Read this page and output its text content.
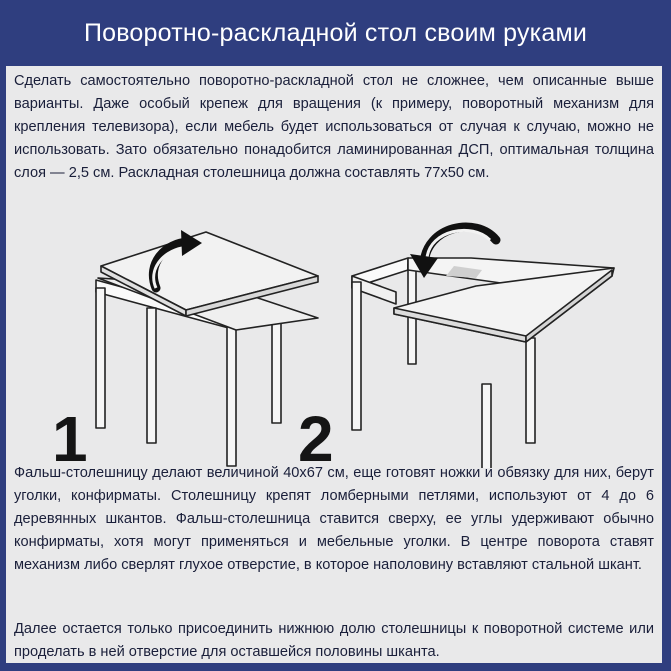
Поворотно-раскладной стол своим руками

Сделать самостоятельно поворотно-раскладной стол не сложнее, чем описанные выше варианты. Даже особый крепеж для вращения (к примеру, поворотный механизм для крепления телевизора), если мебель будет использоваться от случая к случаю, можно не использовать. Зато обязательно понадобится ламинированная ДСП, оптимальная толщина слоя — 2,5 см. Раскладная столешница должна составлять 77х50 см.

1	2

Фальш-столешницу делают величиной 40х67 см, еще готовят ножки и обвязку для них, берут уголки, конфирматы. Столешницу крепят ломберными петлями, используют от 4 до 6 деревянных шкантов. Фальш-столешница ставится сверху, ее углы удерживают обычно конфирматы, хотя могут применяться и мебельные уголки. В центре поворота ставят механизм либо сверлят глухое отверстие, в которое наполовину вставляют стальной шкант.

Далее остается только присоединить нижнюю долю столешницы к поворотной системе или проделать в ней отверстие для оставшейся половины шканта.
